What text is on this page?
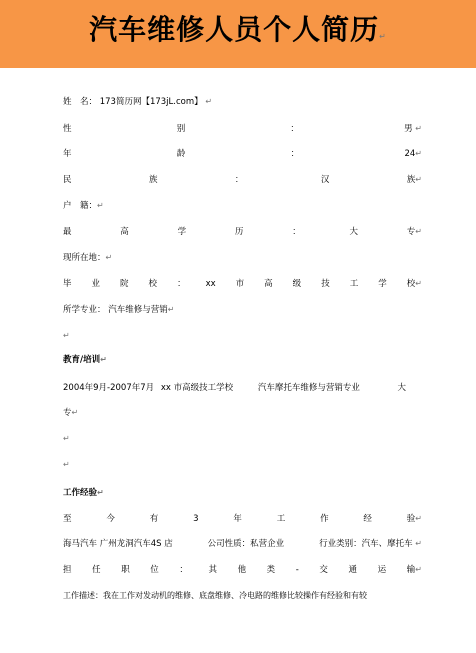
汽车维修人员个人简历↵
姓　名： 173简历网【173jL.com】 ↵
性	别	：	男 ↵
年	龄	：	24↵
民	族	：	汉	族↵
户　籍：↵
最	高	学	历	：	大	专↵
现所在地：↵
毕 业 院 校 ： xx 市 高 级 技 工 学 校↵
所学专业： 汽车维修与营销↵
↵
教育/培训↵
2004年9月-2007年7月 xx 市高级技工学校	汽车摩托车维修与营销专业	大
专↵
↵
↵
工作经验↵
至	今	有	3	年	工	作	经	验↵
海马汽车 广州龙洞汽车4S 店	公司性质：私营企业	行业类别：汽车、摩托车 ↵
担 任 职 位 ： 其 他 类 - 交 通 运 输↵
工作描述：我在工作对发动机的维修、底盘维修、冷电路的维修比较操作有经验和有较
